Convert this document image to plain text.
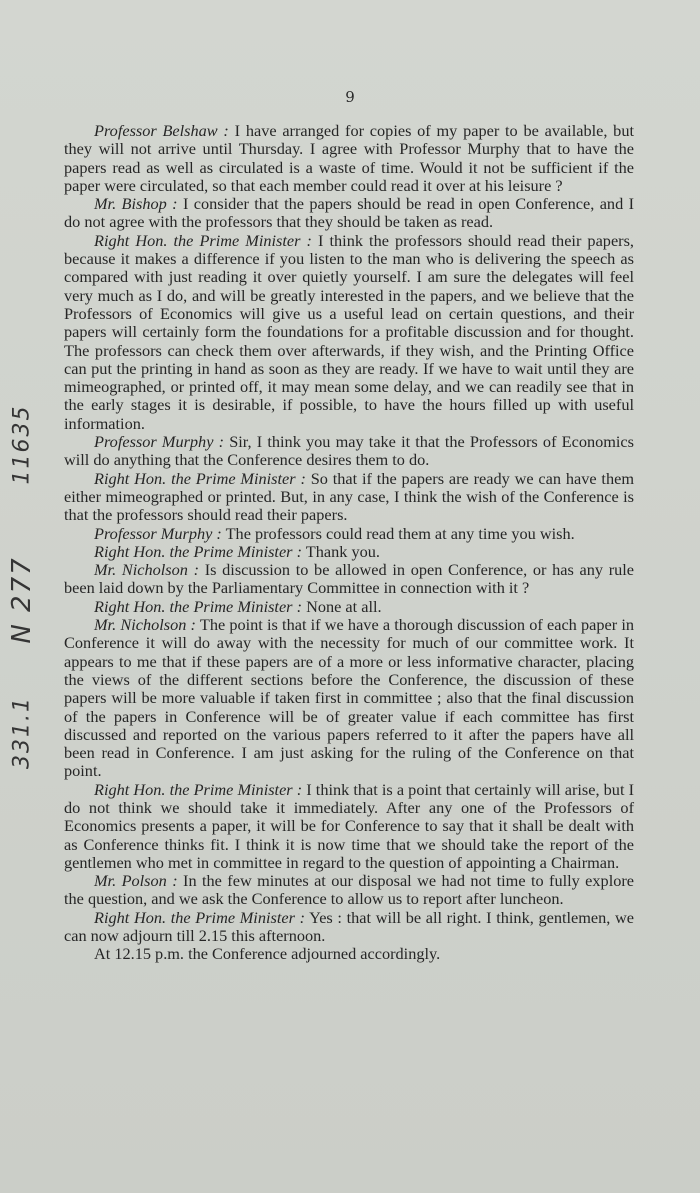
11635
N 277
331.1
9

Professor Belshaw : I have arranged for copies of my paper to be available, but they will not arrive until Thursday. I agree with Professor Murphy that to have the papers read as well as circulated is a waste of time. Would it not be sufficient if the paper were circulated, so that each member could read it over at his leisure ?

Mr. Bishop : I consider that the papers should be read in open Conference, and I do not agree with the professors that they should be taken as read.

Right Hon. the Prime Minister : I think the professors should read their papers, because it makes a difference if you listen to the man who is delivering the speech as compared with just reading it over quietly yourself. I am sure the delegates will feel very much as I do, and will be greatly interested in the papers, and we believe that the Professors of Economics will give us a useful lead on certain questions, and their papers will certainly form the foundations for a profitable discussion and for thought. The professors can check them over afterwards, if they wish, and the Printing Office can put the printing in hand as soon as they are ready. If we have to wait until they are mimeographed, or printed off, it may mean some delay, and we can readily see that in the early stages it is desirable, if possible, to have the hours filled up with useful information.

Professor Murphy : Sir, I think you may take it that the Professors of Economics will do anything that the Conference desires them to do.

Right Hon. the Prime Minister : So that if the papers are ready we can have them either mimeographed or printed. But, in any case, I think the wish of the Conference is that the professors should read their papers.

Professor Murphy : The professors could read them at any time you wish.

Right Hon. the Prime Minister : Thank you.

Mr. Nicholson : Is discussion to be allowed in open Conference, or has any rule been laid down by the Parliamentary Committee in connection with it ?

Right Hon. the Prime Minister : None at all.

Mr. Nicholson : The point is that if we have a thorough discussion of each paper in Conference it will do away with the necessity for much of our committee work. It appears to me that if these papers are of a more or less informative character, placing the views of the different sections before the Conference, the discussion of these papers will be more valuable if taken first in committee ; also that the final discussion of the papers in Conference will be of greater value if each committee has first discussed and reported on the various papers referred to it after the papers have all been read in Conference. I am just asking for the ruling of the Conference on that point.

Right Hon. the Prime Minister : I think that is a point that certainly will arise, but I do not think we should take it immediately. After any one of the Professors of Economics presents a paper, it will be for Conference to say that it shall be dealt with as Conference thinks fit. I think it is now time that we should take the report of the gentlemen who met in committee in regard to the question of appointing a Chairman.

Mr. Polson : In the few minutes at our disposal we had not time to fully explore the question, and we ask the Conference to allow us to report after luncheon.

Right Hon. the Prime Minister : Yes : that will be all right. I think, gentlemen, we can now adjourn till 2.15 this afternoon.

At 12.15 p.m. the Conference adjourned accordingly.
